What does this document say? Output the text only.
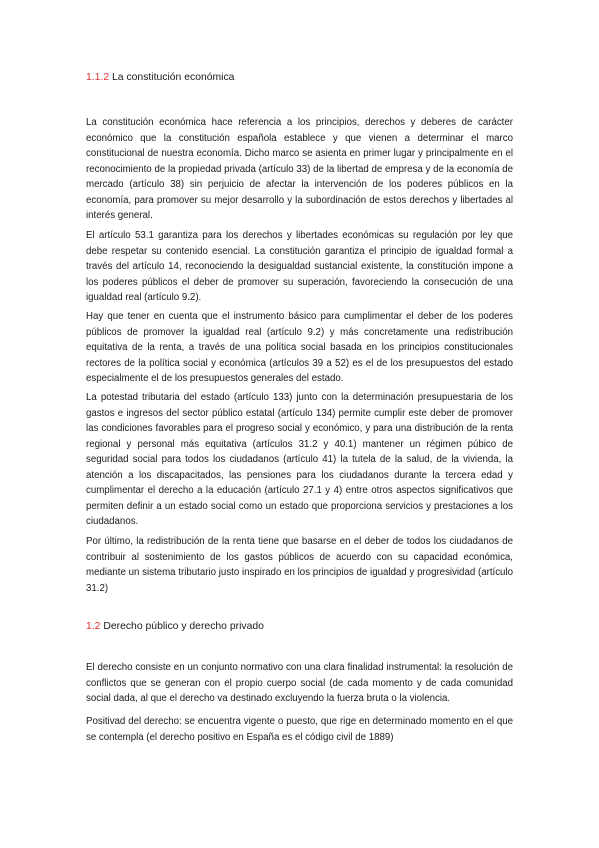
1.1.2 La constitución económica

La constitución económica hace referencia a los principios, derechos y deberes de carácter económico que la constitución española establece y que vienen a determinar el marco constitucional de nuestra economía. Dicho marco se asienta en primer lugar y principalmente en el reconocimiento de la propiedad privada (artículo 33) de la libertad de empresa y de la economía de mercado (artículo 38) sin perjuicio de afectar la intervención de los poderes públicos en la economía, para promover su mejor desarrollo y la subordinación de estos derechos y libertades al interés general.

El artículo 53.1 garantiza para los derechos y libertades económicas su regulación por ley que debe respetar su contenido esencial. La constitución garantiza el principio de igualdad formal a través del artículo 14, reconociendo la desigualdad sustancial existente, la constitución impone a los poderes públicos el deber de promover su superación, favoreciendo la consecución de una igualdad real (artículo 9.2).

Hay que tener en cuenta que el instrumento básico para cumplimentar el deber de los poderes públicos de promover la igualdad real (artículo 9.2) y más concretamente una redistribución equitativa de la renta, a través de una política social basada en los principios constitucionales rectores de la política social y económica (artículos 39 a 52) es el de los presupuestos del estado especialmente el de los presupuestos generales del estado.

La potestad tributaria del estado (artículo 133) junto con la determinación presupuestaria de los gastos e ingresos del sector público estatal (artículo 134) permite cumplir este deber de promover las condiciones favorables para el progreso social y económico, y para una distribución de la renta regional y personal más equitativa (artículos 31.2 y 40.1) mantener un régimen púbico de seguridad social para todos los ciudadanos (artículo 41) la tutela de la salud, de la vivienda, la atención a los discapacitados, las pensiones para los ciudadanos durante la tercera edad y cumplimentar el derecho a la educación (artículo 27.1 y 4) entre otros aspectos significativos que permiten definir a un estado social como un estado que proporciona servicios y prestaciones a los ciudadanos.

Por último, la redistribución de la renta tiene que basarse en el deber de todos los ciudadanos de contribuir al sostenimiento de los gastos públicos de acuerdo con su capacidad económica, mediante un sistema tributario justo inspirado en los principios de igualdad y progresividad (artículo 31.2)

1.2 Derecho público y derecho privado

El derecho consiste en un conjunto normativo con una clara finalidad instrumental: la resolución de conflictos que se generan con el propio cuerpo social (de cada momento y de cada comunidad social dada, al que el derecho va destinado excluyendo la fuerza bruta o la violencia.

Positivad del derecho: se encuentra vigente o puesto, que rige en determinado momento en el que se contempla (el derecho positivo en España es el código civil de 1889)
